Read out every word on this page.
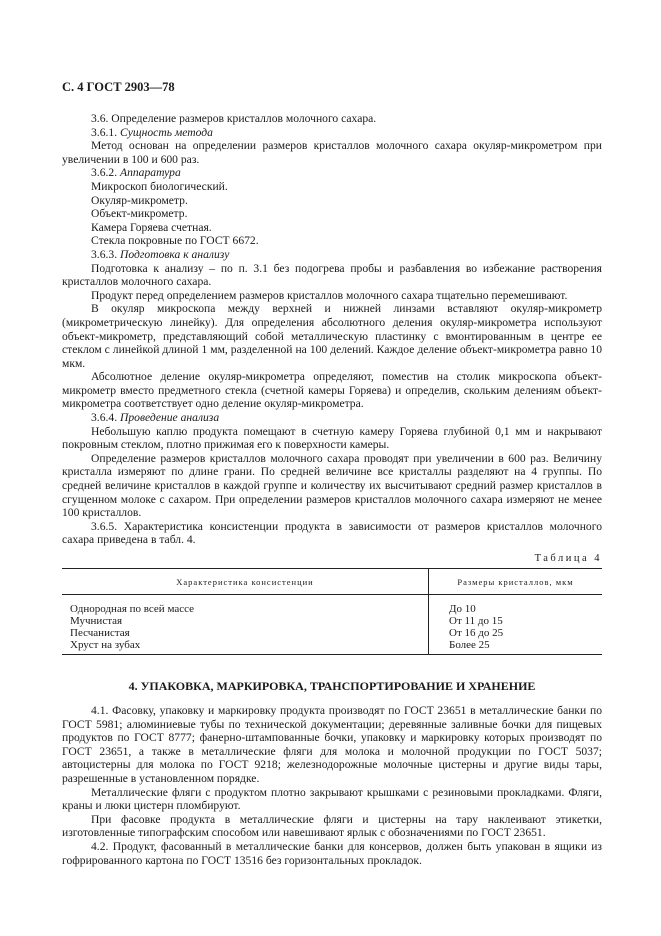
С. 4 ГОСТ 2903—78

3.6. Определение размеров кристаллов молочного сахара.

3.6.1. Сущность метода

Метод основан на определении размеров кристаллов молочного сахара окуляр-микрометром при увеличении в 100 и 600 раз.

3.6.2. Аппаратура

Микроскоп биологический.

Окуляр-микрометр.

Объект-микрометр.

Камера Горяева счетная.

Стекла покровные по ГОСТ 6672.

3.6.3. Подготовка к анализу

Подготовка к анализу – по п. 3.1 без подогрева пробы и разбавления во избежание растворения кристаллов молочного сахара.

Продукт перед определением размеров кристаллов молочного сахара тщательно перемешивают.

В окуляр микроскопа между верхней и нижней линзами вставляют окуляр-микрометр (микрометрическую линейку). Для определения абсолютного деления окуляр-микрометра используют объект-микрометр, представляющий собой металлическую пластинку с вмонтированным в центре ее стеклом с линейкой длиной 1 мм, разделенной на 100 делений. Каждое деление объект-микрометра равно 10 мкм.

Абсолютное деление окуляр-микрометра определяют, поместив на столик микроскопа объект-микрометр вместо предметного стекла (счетной камеры Горяева) и определив, скольким делениям объект-микрометра соответствует одно деление окуляр-микрометра.

3.6.4. Проведение анализа

Небольшую каплю продукта помещают в счетную камеру Горяева глубиной 0,1 мм и накрывают покровным стеклом, плотно прижимая его к поверхности камеры.

Определение размеров кристаллов молочного сахара проводят при увеличении в 600 раз. Величину кристалла измеряют по длине грани. По средней величине все кристаллы разделяют на 4 группы. По средней величине кристаллов в каждой группе и количеству их высчитывают средний размер кристаллов в сгущенном молоке с сахаром. При определении размеров кристаллов молочного сахара измеряют не менее 100 кристаллов.

3.6.5. Характеристика консистенции продукта в зависимости от размеров кристаллов молочного сахара приведена в табл. 4.

Таблица 4
Характеристика консистенции	Размеры кристаллов, мкм
Однородная по всей массе	До 10
Мучнистая	От 11 до 15
Песчанистая	От 16 до 25
Хруст на зубах	Более 25
4. УПАКОВКА, МАРКИРОВКА, ТРАНСПОРТИРОВАНИЕ И ХРАНЕНИЕ

4.1. Фасовку, упаковку и маркировку продукта производят по ГОСТ 23651 в металлические банки по ГОСТ 5981; алюминиевые тубы по технической документации; деревянные заливные бочки для пищевых продуктов по ГОСТ 8777; фанерно-штампованные бочки, упаковку и маркировку которых производят по ГОСТ 23651, а также в металлические фляги для молока и молочной продукции по ГОСТ 5037; автоцистерны для молока по ГОСТ 9218; железнодорожные молочные цистерны и другие виды тары, разрешенные в установленном порядке.

Металлические фляги с продуктом плотно закрывают крышками с резиновыми прокладками. Фляги, краны и люки цистерн пломбируют.

При фасовке продукта в металлические фляги и цистерны на тару наклеивают этикетки, изготовленные типографским способом или навешивают ярлык с обозначениями по ГОСТ 23651.

4.2. Продукт, фасованный в металлические банки для консервов, должен быть упакован в ящики из гофрированного картона по ГОСТ 13516 без горизонтальных прокладок.
